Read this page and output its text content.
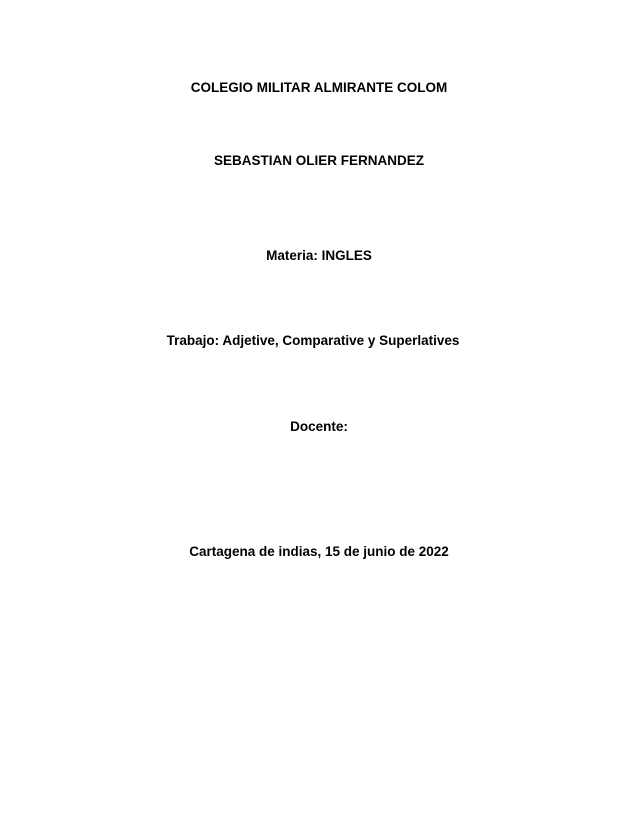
COLEGIO MILITAR ALMIRANTE COLOM
SEBASTIAN OLIER FERNANDEZ
Materia: INGLES
Trabajo: Adjetive, Comparative y Superlatives
Docente:
Cartagena de indias, 15 de junio de 2022
